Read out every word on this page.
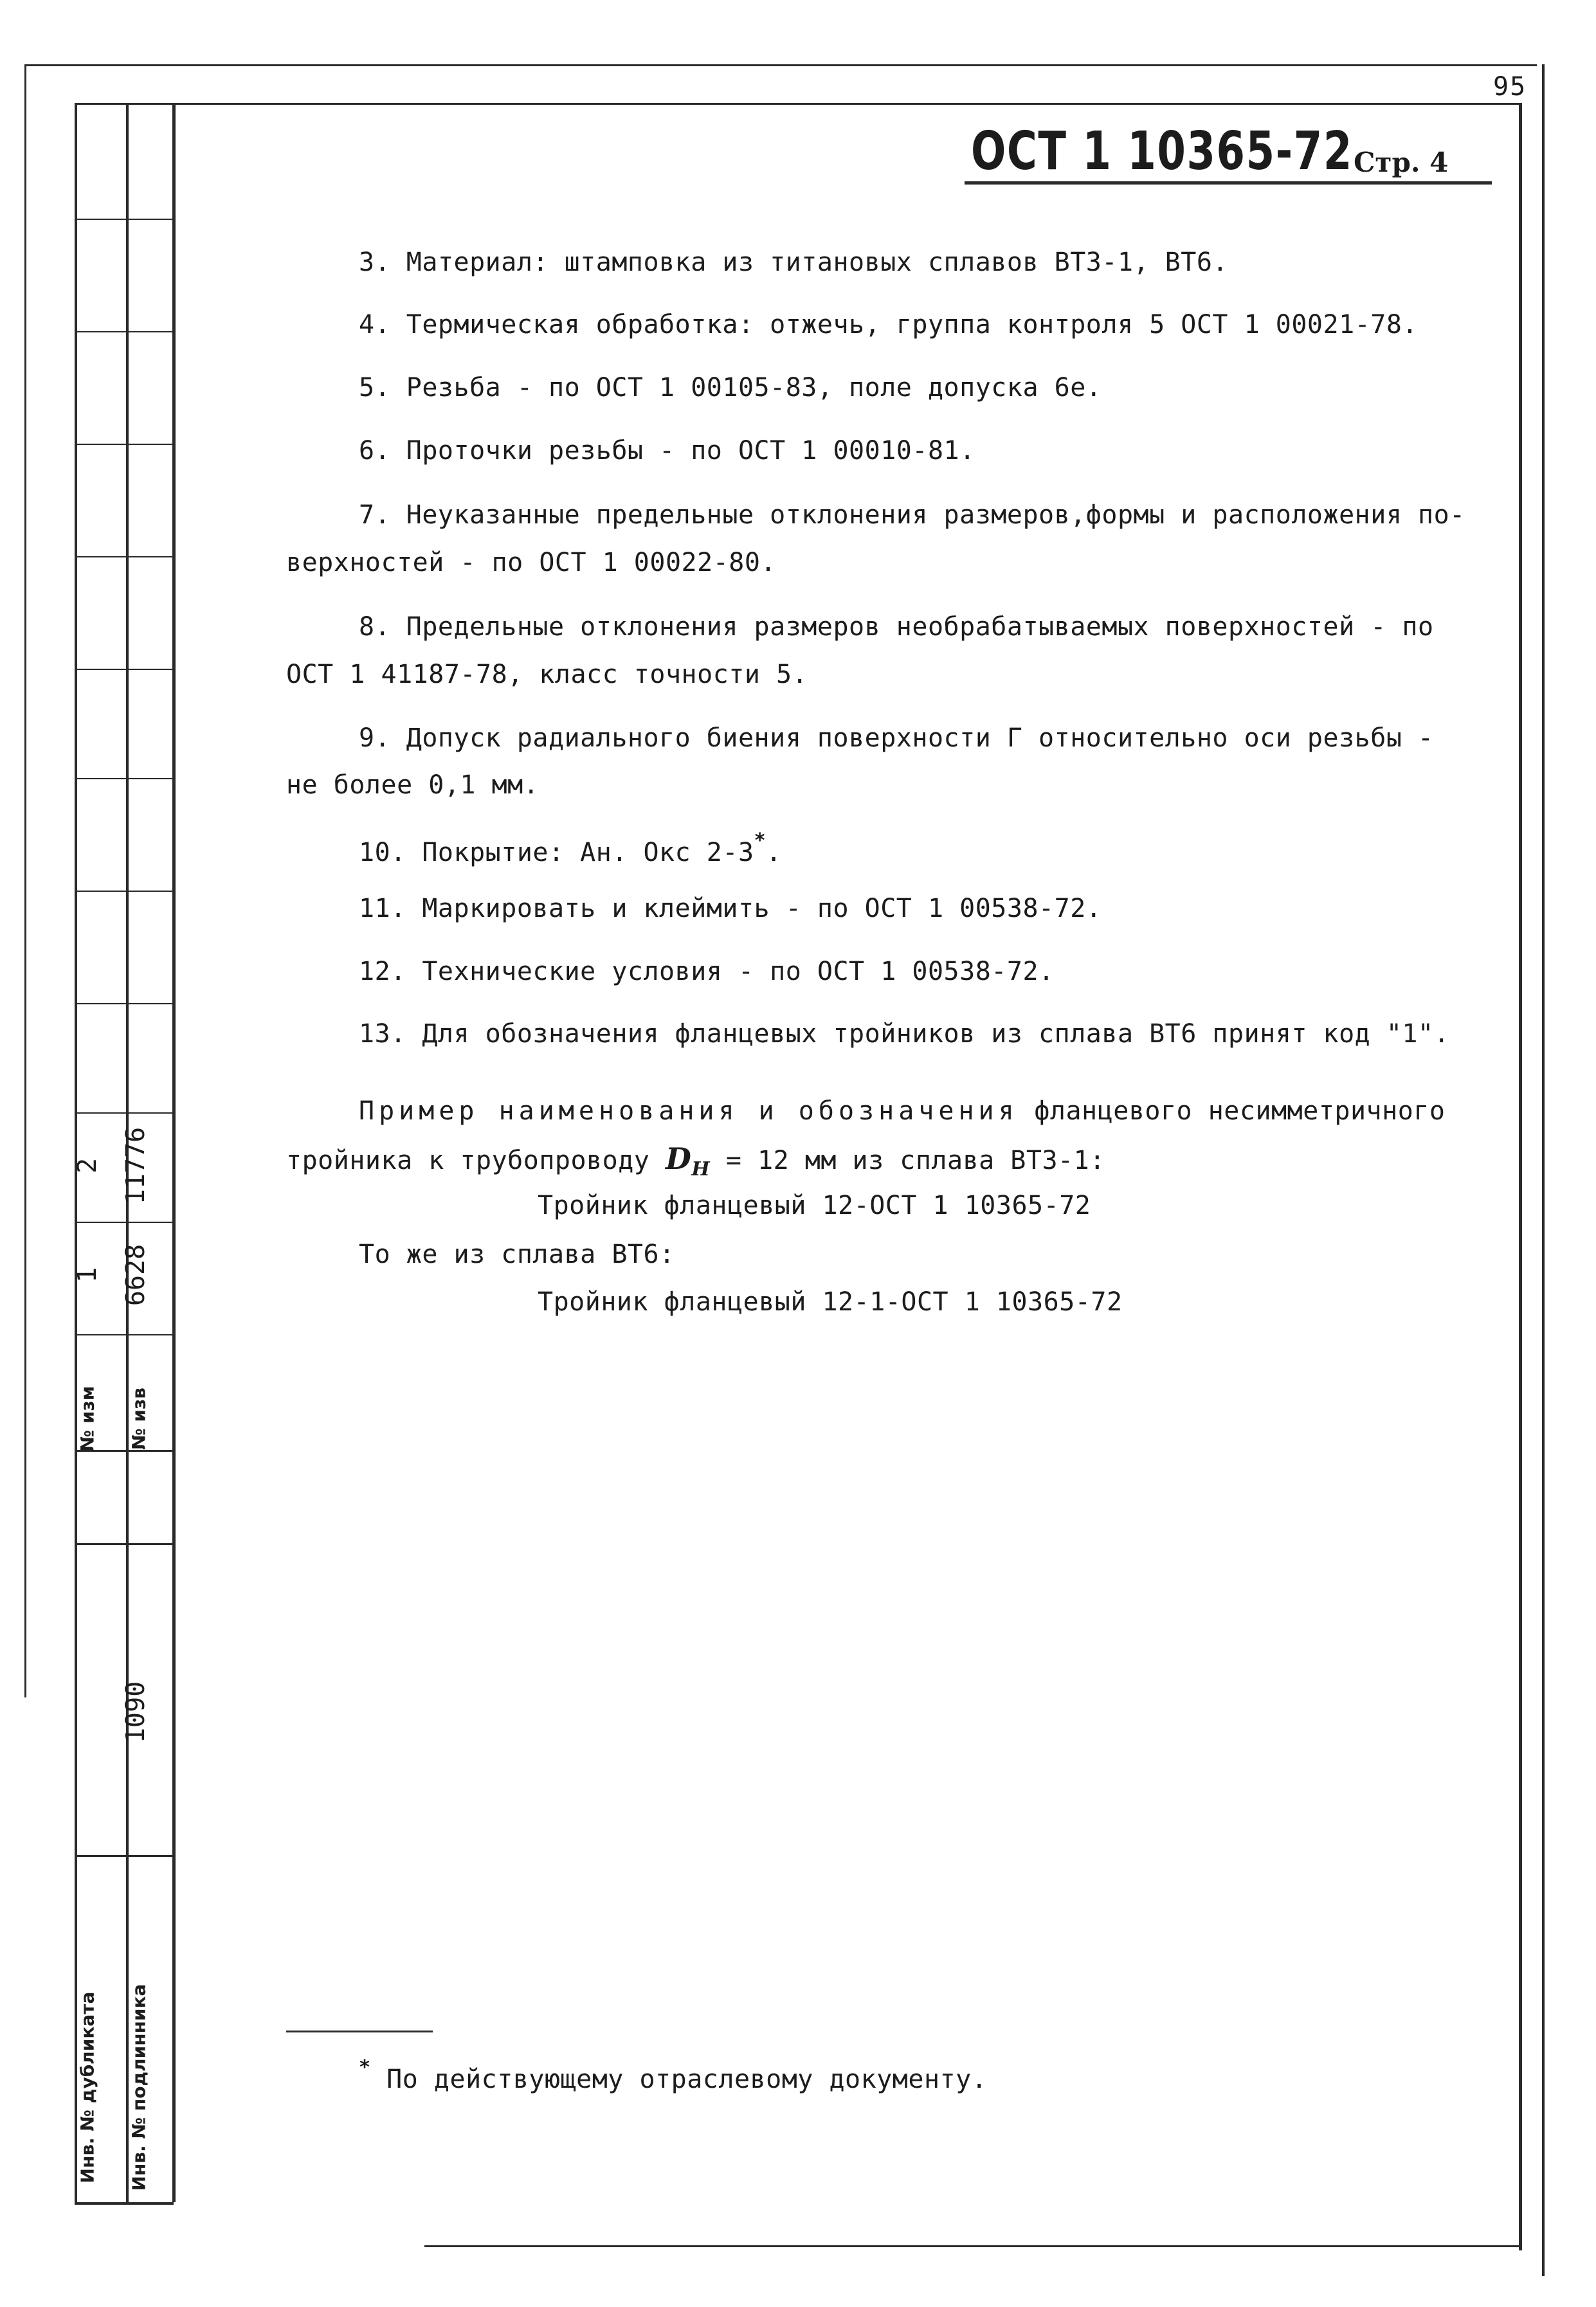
95
ОСТ 1 10365-72 Стр. 4
3. Материал: штамповка из титановых сплавов ВТ3-1, ВТ6.
4. Термическая обработка: отжечь, группа контроля 5 ОСТ 1 00021-78.
5. Резьба - по ОСТ 1 00105-83, поле допуска 6е.
6. Проточки резьбы - по ОСТ 1 00010-81.
7. Неуказанные предельные отклонения размеров,формы и расположения по-
верхностей - по ОСТ 1 00022-80.
8. Предельные отклонения размеров необрабатываемых поверхностей - по
ОСТ 1 41187-78, класс точности 5.
9. Допуск радиального биения поверхности Г относительно оси резьбы -
не более 0,1 мм.
10. Покрытие: Ан. Окс 2-3*.
11. Маркировать и клеймить - по ОСТ 1 00538-72.
12. Технические условия - по ОСТ 1 00538-72.
13. Для обозначения фланцевых тройников из сплава ВТ6 принят код "1".
Пример наименования и обозначения фланцевого несимметричного
тройника к трубопроводу $D_H = 12$ мм из сплава ВТ3-1:
Тройник фланцевый 12-ОСТ 1 10365-72
То же из сплава ВТ6:
Тройник фланцевый 12-1-ОСТ 1 10365-72
* По действующему отраслевому документу.
№ изм № изв
1
2
6628
11776
1090
Инв. № дубликата Инв. № подлинника
